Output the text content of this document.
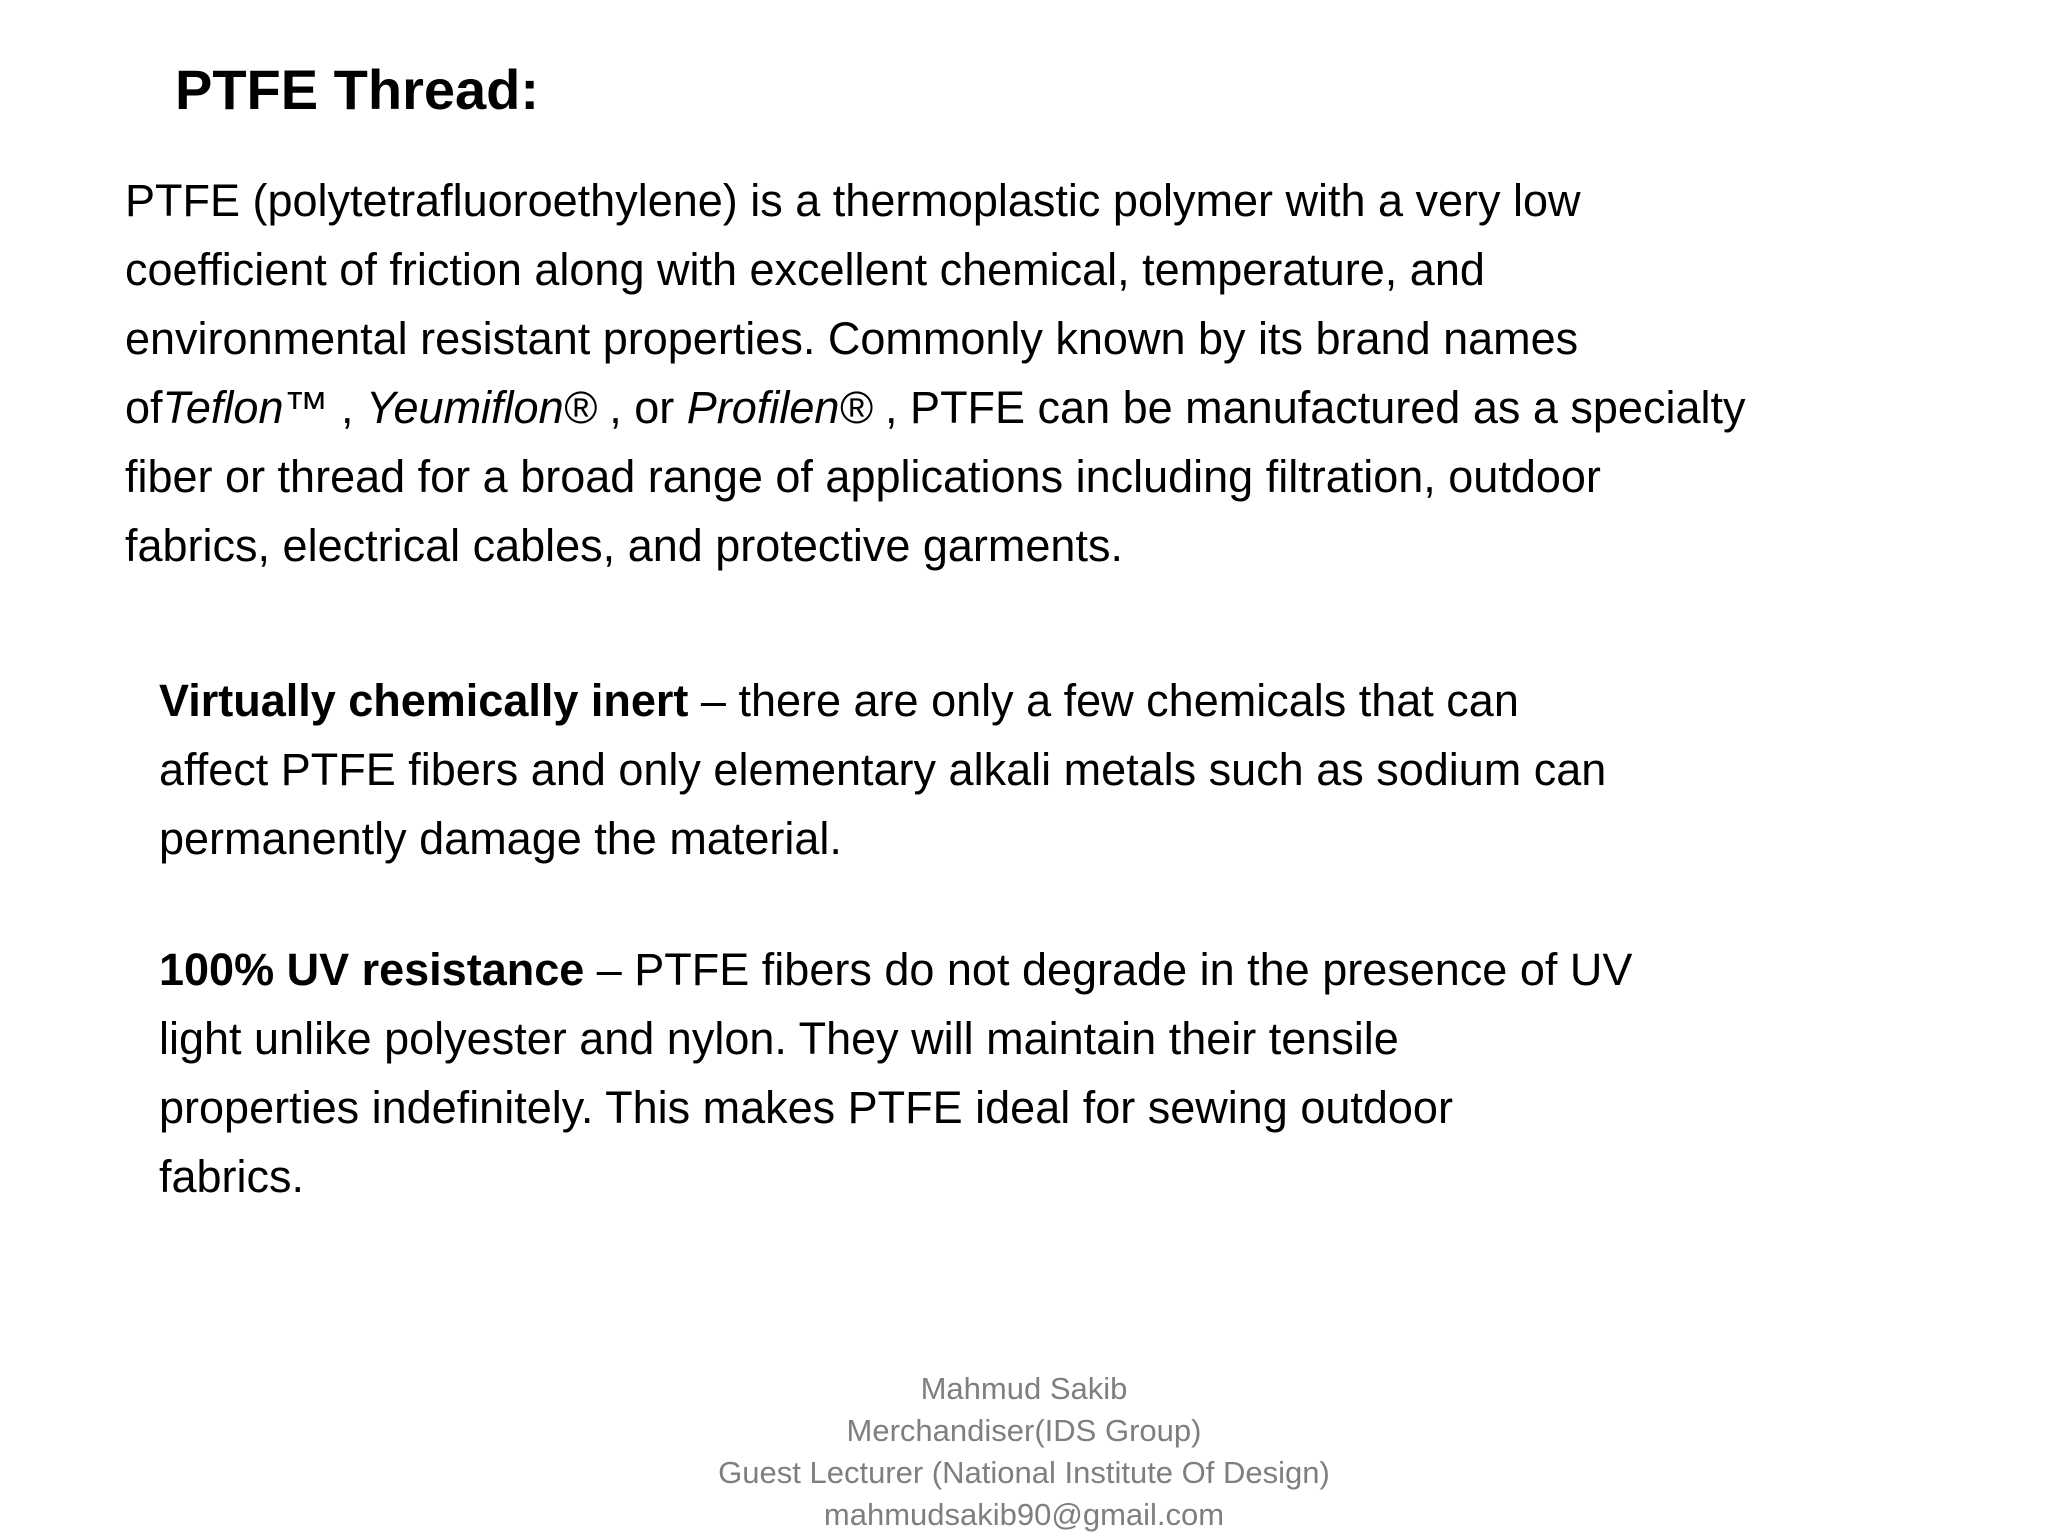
PTFE Thread:
PTFE (polytetrafluoroethylene) is a thermoplastic polymer with a very low
coefficient of friction along with excellent chemical, temperature, and
environmental resistant properties. Commonly known by its brand names
ofTeflon™ , Yeumiflon® , or Profilen® , PTFE can be manufactured as a specialty
fiber or thread for a broad range of applications including filtration, outdoor
fabrics, electrical cables, and protective garments.
Virtually chemically inert – there are only a few chemicals that can
affect PTFE fibers and only elementary alkali metals such as sodium can
permanently damage the material.
100% UV resistance – PTFE fibers do not degrade in the presence of UV
light unlike polyester and nylon. They will maintain their tensile
properties indefinitely. This makes PTFE ideal for sewing outdoor
fabrics.
Mahmud Sakib
Merchandiser(IDS Group)
Guest Lecturer (National Institute Of Design)
mahmudsakib90@gmail.com
